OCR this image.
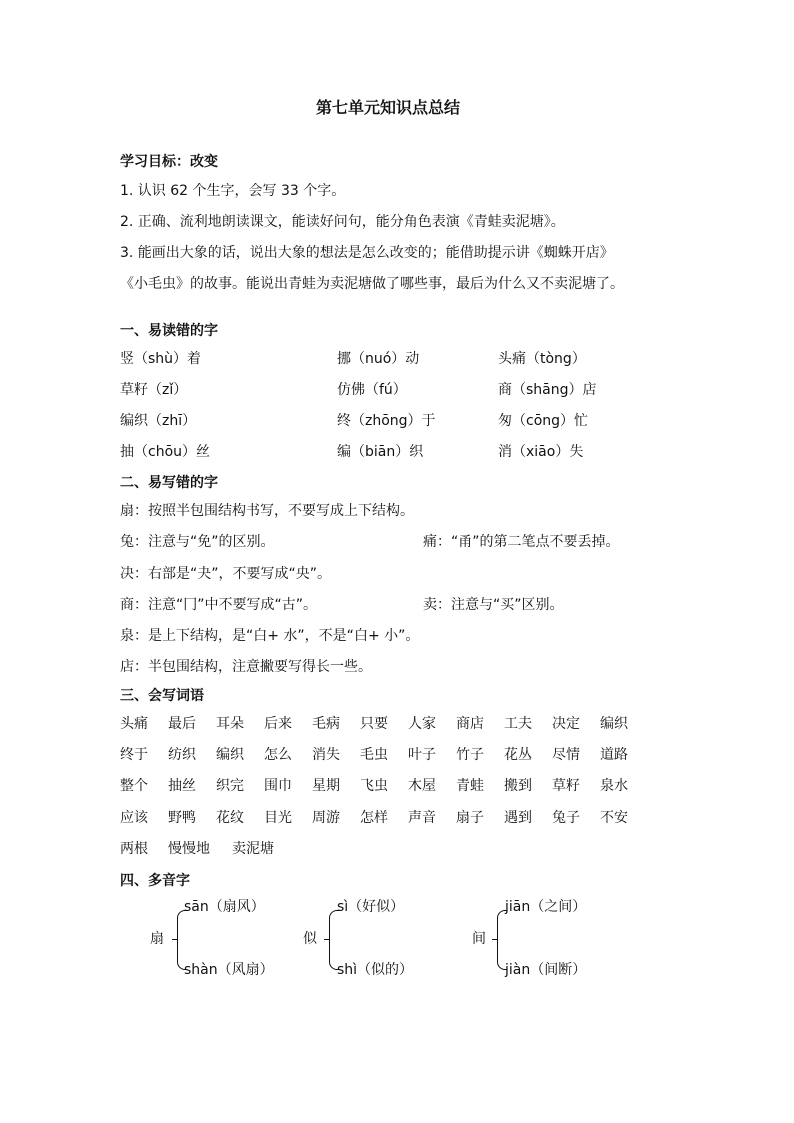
第七单元知识点总结
学习目标：改变
1. 认识 62 个生字，会写 33 个字。
2. 正确、流利地朗读课文，能读好问句，能分角色表演《青蛙卖泥塘》。
3. 能画出大象的话，说出大象的想法是怎么改变的；能借助提示讲《蜘蛛开店》
《小毛虫》的故事。能说出青蛙为卖泥塘做了哪些事，最后为什么又不卖泥塘了。
一、易读错的字
竖（shù）着	挪（nuó）动	头痛（tòng）
草籽（zǐ）	仿佛（fú）	商（shāng）店
编织（zhī）	终（zhōng）于	匆（cōng）忙
抽（chōu）丝	编（biān）织	消（xiāo）失
二、易写错的字
扇：按照半包围结构书写，不要写成上下结构。
兔：注意与“免”的区别。	痛：“甬”的第二笔点不要丢掉。
决：右部是“夬”，不要写成“央”。
商：注意“冂”中不要写成“古”。	卖：注意与“买”区别。
泉：是上下结构，是“白+ 水”，不是“白+ 小”。
店：半包围结构，注意撇要写得长一些。
三、会写词语
头痛 最后 耳朵 后来 毛病 只要 人家 商店 工夫 决定 编织
终于 纺织 编织 怎么 消失 毛虫 叶子 竹子 花丛 尽情 道路
整个 抽丝 织完 围巾 星期 飞虫 木屋 青蛙 搬到 草籽 泉水
应该 野鸭 花纹 目光 周游 怎样 声音 扇子 遇到 兔子 不安
两根 慢慢地 卖泥塘
四、多音字
扇
sān（扇风）
shàn（风扇）
似
sì（好似）
shì（似的）
间
jiān（之间）
jiàn（间断）
